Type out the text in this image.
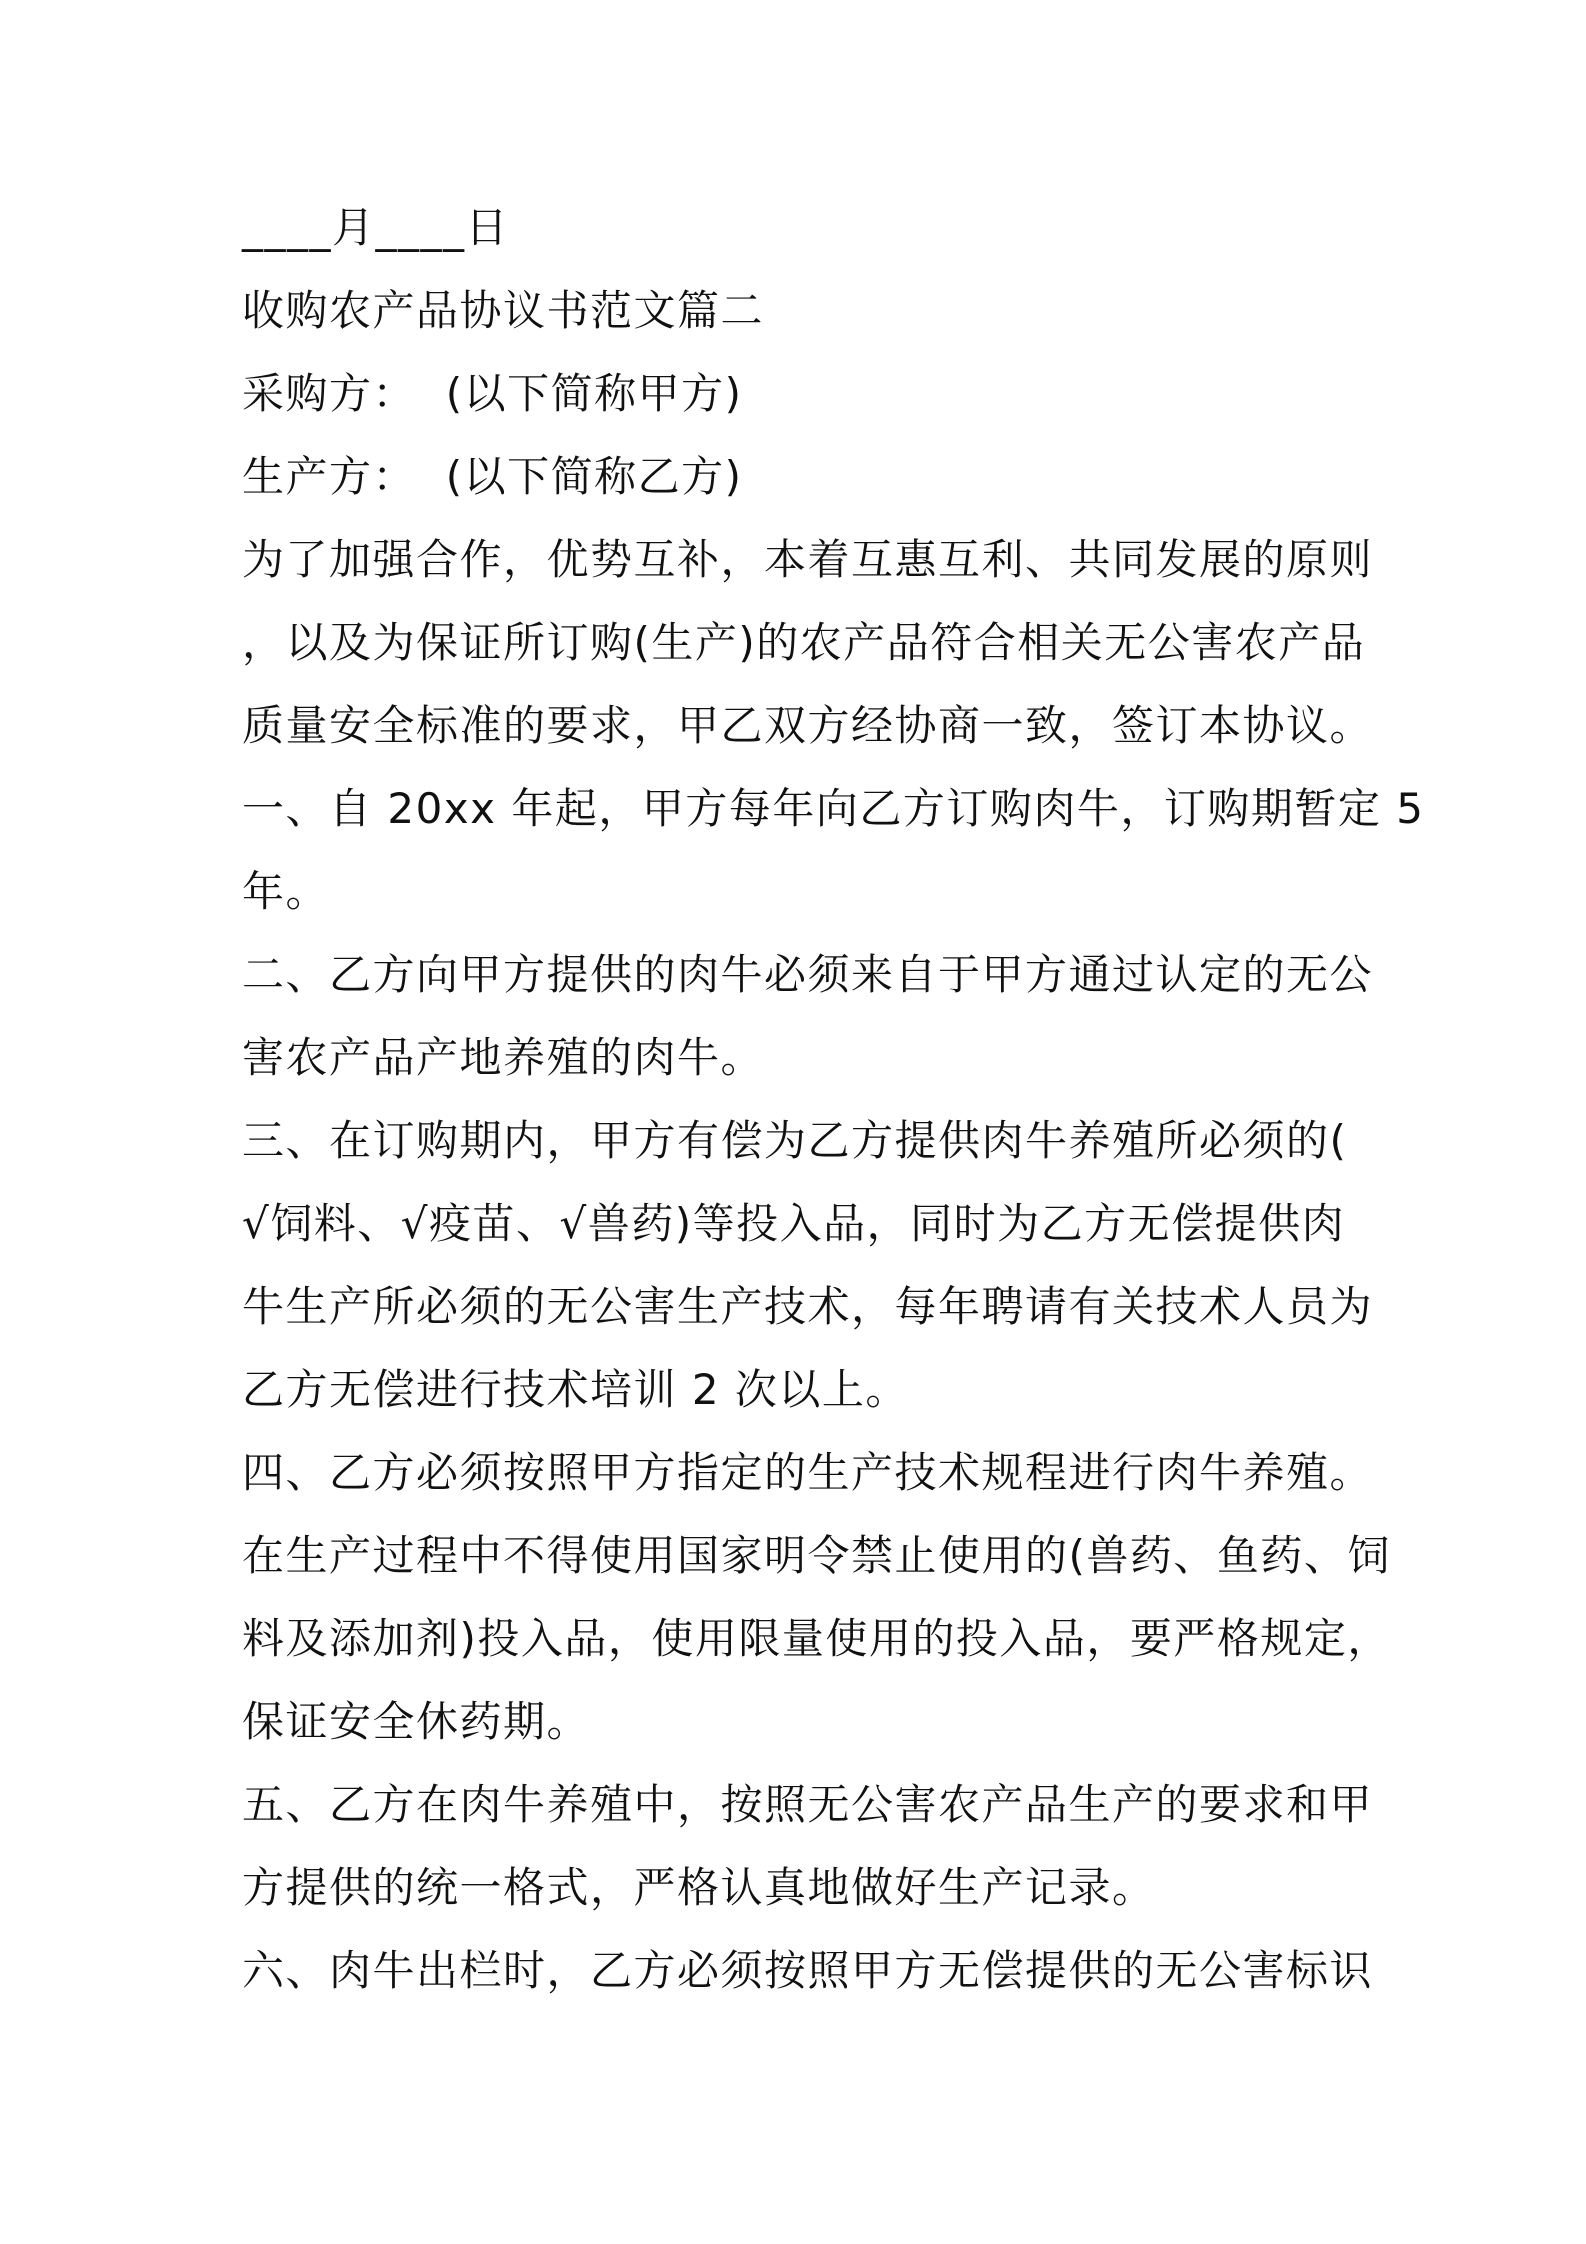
____月____日
收购农产品协议书范文篇二
采购方：  (以下简称甲方)
生产方：  (以下简称乙方)
为了加强合作，优势互补，本着互惠互利、共同发展的原则
，以及为保证所订购(生产)的农产品符合相关无公害农产品
质量安全标准的要求，甲乙双方经协商一致，签订本协议。
一、自 20xx 年起，甲方每年向乙方订购肉牛，订购期暂定 5
年。
二、乙方向甲方提供的肉牛必须来自于甲方通过认定的无公
害农产品产地养殖的肉牛。
三、在订购期内，甲方有偿为乙方提供肉牛养殖所必须的(
√饲料、√疫苗、√兽药)等投入品，同时为乙方无偿提供肉
牛生产所必须的无公害生产技术，每年聘请有关技术人员为
乙方无偿进行技术培训 2 次以上。
四、乙方必须按照甲方指定的生产技术规程进行肉牛养殖。
在生产过程中不得使用国家明令禁止使用的(兽药、鱼药、饲
料及添加剂)投入品，使用限量使用的投入品，要严格规定，
保证安全休药期。
五、乙方在肉牛养殖中，按照无公害农产品生产的要求和甲
方提供的统一格式，严格认真地做好生产记录。
六、肉牛出栏时，乙方必须按照甲方无偿提供的无公害标识
